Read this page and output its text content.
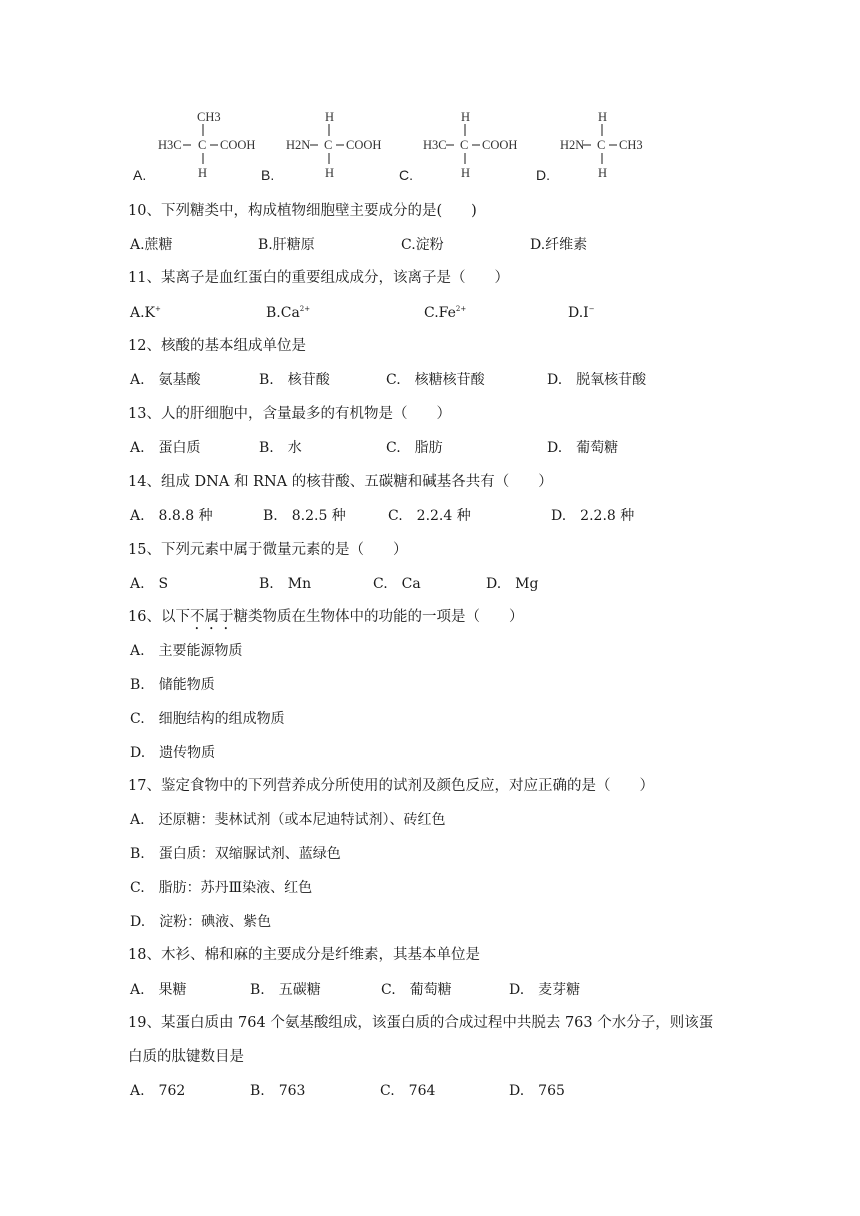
CH3
H3C C COOH
H
A.
H
H2N C COOH
H
B.
H
H3C C COOH
H
C.
H
H2N C CH3
H
D.
10、下列糖类中，构成植物细胞壁主要成分的是(　　)
A.蔗糖	B.肝糖原	C.淀粉	D.纤维素
11、某离子是血红蛋白的重要组成成分，该离子是（　　）
A.K+	$B.Ca^{2+}$	$C.Fe^{2+}$	D.I−
12、核酸的基本组成单位是
A.　氨基酸	B.　核苷酸	C.　核糖核苷酸	D.　脱氧核苷酸
13、人的肝细胞中，含量最多的有机物是（　　）
A.　蛋白质	B.　水	C.　脂肪	D.　葡萄糖
14、组成 DNA 和 RNA 的核苷酸、五碳糖和碱基各共有（　　）
A.　8.8.8 种	B.　8.2.5 种	C.　2.2.4 种	D.　2.2.8 种
15、下列元素中属于微量元素的是（　　）
A.　S	B.　Mn	C.　Ca	D.　Mg
16、以下不属于糖类物质在生物体中的功能的一项是（　　）
A.　主要能源物质
B.　储能物质
C.　细胞结构的组成物质
D.　遗传物质
17、鉴定食物中的下列营养成分所使用的试剂及颜色反应，对应正确的是（　　）
A.　还原糖：斐林试剂（或本尼迪特试剂）、砖红色
B.　蛋白质：双缩脲试剂、蓝绿色
C.　脂肪：苏丹Ⅲ染液、红色
D.　淀粉：碘液、紫色
18、木衫、棉和麻的主要成分是纤维素，其基本单位是
A.　果糖	B.　五碳糖	C.　葡萄糖	D.　麦芽糖
19、某蛋白质由 764 个氨基酸组成，该蛋白质的合成过程中共脱去 763 个水分子，则该蛋
白质的肽键数目是
A.　762	B.　763	C.　764	D.　765
